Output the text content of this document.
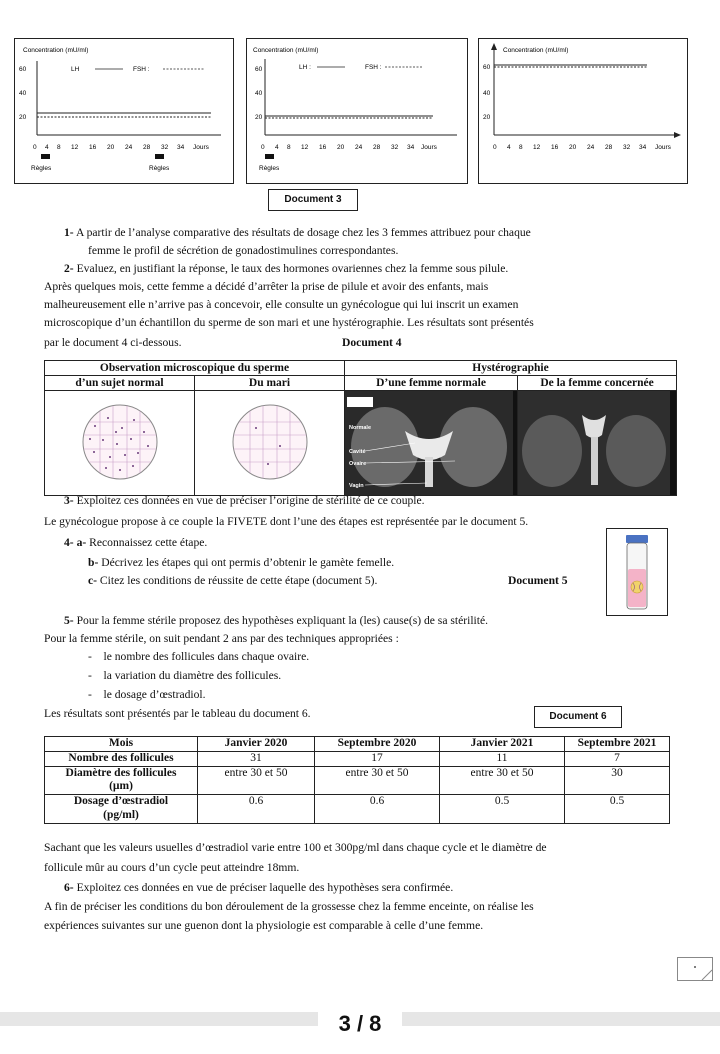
Concentration (mU/ml)
60
40
20
LH	FSH :
0 4 8 12 16 20 24 28 32 34 Jours
Règles	Règles
Concentration (mU/ml)
60
40
20
LH :	FSH :
0 4 8 12 16 20 24 28 32 34 Jours
Règles
Concentration (mU/ml)
60
40
20
0 4 8 12 16 20 24 28 32 34 Jours
Document 3
1- A partir de l’analyse comparative des résultats de dosage chez les 3 femmes attribuez pour chaque
femme le profil de sécrétion de gonadostimulines correspondantes.
2- Evaluez, en justifiant la réponse, le taux des hormones ovariennes chez la femme sous pilule.
Après quelques mois, cette femme a décidé d’arrêter la prise de pilule et avoir des enfants, mais
malheureusement elle n’arrive pas à concevoir, elle consulte un gynécologue qui lui inscrit un examen
microscopique d’un échantillon du sperme de son mari et une hystérographie. Les résultats sont présentés
par le document 4 ci-dessous.	Document 4
Observation microscopique du sperme		Hystérographie	
d’un sujet normal	Du mari	D’une femme normale	De la femme concernée

Normale
Cavité
Ovaire
Vagin

3- Exploitez ces données en vue de préciser l’origine de stérilité de ce couple.
Le gynécologue propose à ce couple la FIVETE dont l’une des étapes est représentée par le document 5.
4- a- Reconnaissez cette étape.
b- Décrivez les étapes qui ont permis d’obtenir le gamète femelle.
c- Citez les conditions de réussite de cette étape (document 5).	Document 5
5- Pour la femme stérile proposez des hypothèses expliquant la (les) cause(s) de sa stérilité.
Pour la femme stérile, on suit pendant 2 ans par des techniques appropriées :
-    le nombre des follicules dans chaque ovaire.
-    la variation du diamètre des follicules.
-    le dosage d’œstradiol.
Les résultats sont présentés par le tableau du document 6.	Document 6
Mois	Janvier 2020	Septembre 2020	Janvier 2021	Septembre 2021
Nombre des follicules	31	17	11	7
Diamètre des follicules
(µm)	entre 30 et 50	entre 30 et 50	entre 30 et 50	30
Dosage d’œstradiol
(pg/ml)	0.6	0.6	0.5	0.5
Sachant que les valeurs usuelles d’œstradiol varie entre 100 et 300pg/ml dans chaque cycle et le diamètre de
follicule mûr au cours d’un cycle peut atteindre 18mm.
6- Exploitez ces données en vue de préciser laquelle des hypothèses sera confirmée.
A fin de préciser les conditions du bon déroulement de la grossesse chez la femme enceinte, on réalise les
expériences suivantes sur une guenon dont la physiologie est comparable à celle d’une femme.
3 / 8
